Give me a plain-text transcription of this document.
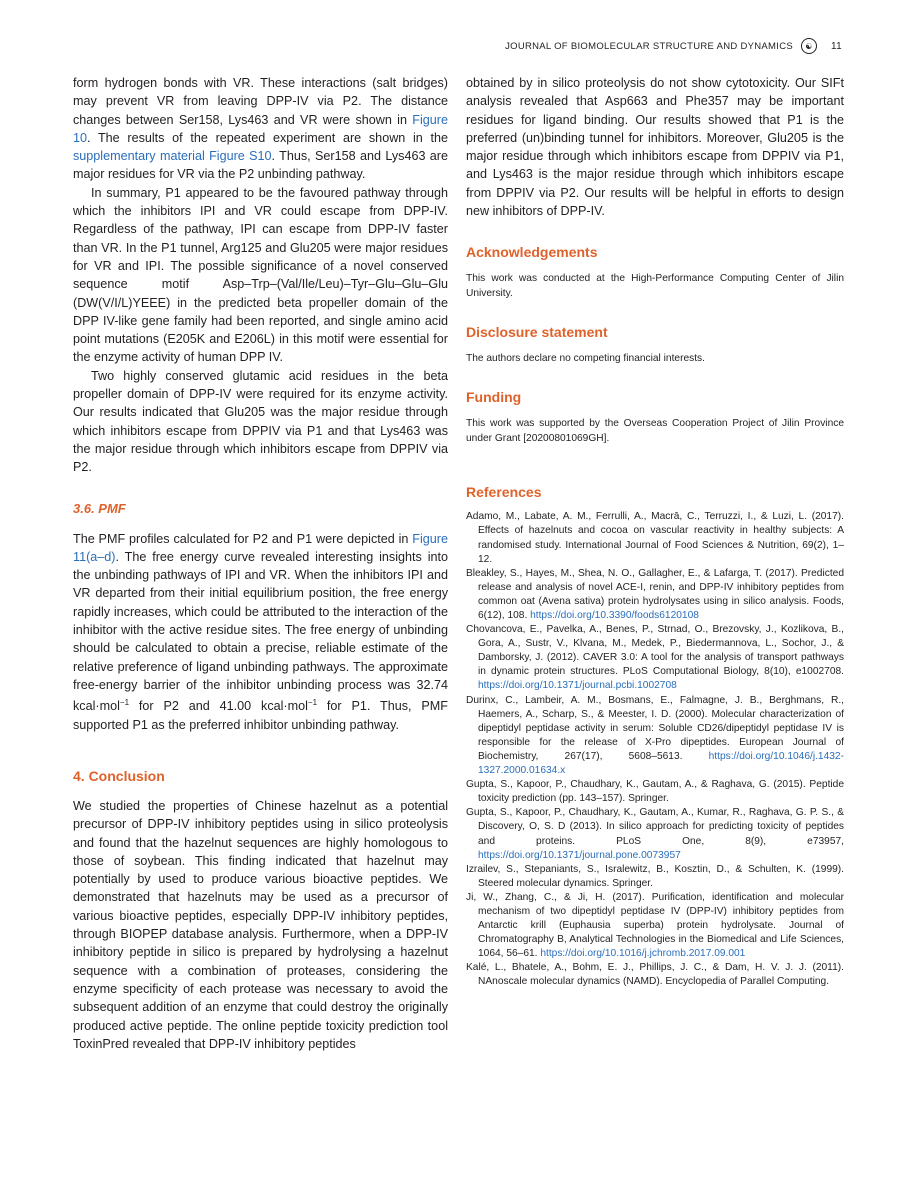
JOURNAL OF BIOMOLECULAR STRUCTURE AND DYNAMICS	☯	11

form hydrogen bonds with VR. These interactions (salt bridges) may prevent VR from leaving DPP-IV via P2. The distance changes between Ser158, Lys463 and VR were shown in Figure 10. The results of the repeated experiment are shown in the supplementary material Figure S10. Thus, Ser158 and Lys463 are major residues for VR via the P2 unbinding pathway.

In summary, P1 appeared to be the favoured pathway through which the inhibitors IPI and VR could escape from DPP-IV. Regardless of the pathway, IPI can escape from DPP-IV faster than VR. In the P1 tunnel, Arg125 and Glu205 were major residues for VR and IPI. The possible significance of a novel conserved sequence motif Asp–Trp–(Val/Ile/Leu)–Tyr–Glu–Glu–Glu (DW(V/I/L)YEEE) in the predicted beta propeller domain of the DPP IV-like gene family had been reported, and single amino acid point mutations (E205K and E206L) in this motif were essential for the enzyme activity of human DPP IV.

Two highly conserved glutamic acid residues in the beta propeller domain of DPP-IV were required for its enzyme activity. Our results indicated that Glu205 was the major residue through which inhibitors escape from DPPIV via P1 and that Lys463 was the major residue through which inhibitors escape from DPPIV via P2.

3.6. PMF

The PMF profiles calculated for P2 and P1 were depicted in Figure 11(a–d). The free energy curve revealed interesting insights into the unbinding pathways of IPI and VR. When the inhibitors IPI and VR departed from their initial equilibrium position, the free energy rapidly increases, which could be attributed to the interaction of the inhibitor with the active residue sites. The free energy of unbinding should be calculated to obtain a precise, reliable estimate of the relative preference of ligand unbinding pathways. The approximate free-energy barrier of the inhibitor unbinding process was 32.74 kcal·mol$^{-1}$ for P2 and 41.00 kcal·mol$^{-1}$ for P1. Thus, PMF supported P1 as the preferred inhibitor unbinding pathway.

4. Conclusion

We studied the properties of Chinese hazelnut as a potential precursor of DPP-IV inhibitory peptides using in silico proteolysis and found that the hazelnut sequences are highly homologous to those of soybean. This finding indicated that hazelnut may potentially by used to produce various bioactive peptides. We demonstrated that hazelnuts may be used as a precursor of various bioactive peptides, especially DPP-IV inhibitory peptides, through BIOPEP database analysis. Furthermore, when a DPP-IV inhibitory peptide in silico is prepared by hydrolysing a hazelnut sequence with a combination of proteases, considering the enzyme specificity of each protease was necessary to avoid the subsequent addition of an enzyme that could destroy the originally produced active peptide. The online peptide toxicity prediction tool ToxinPred revealed that DPP-IV inhibitory peptides

obtained by in silico proteolysis do not show cytotoxicity. Our SIFt analysis revealed that Asp663 and Phe357 may be important residues for ligand binding. Our results showed that P1 is the preferred (un)binding tunnel for inhibitors. Moreover, Glu205 is the major residue through which inhibitors escape from DPPIV via P1, and Lys463 is the major residue through which inhibitors escape from DPPIV via P2. Our results will be helpful in efforts to design new inhibitors of DPP-IV.

Acknowledgements

This work was conducted at the High-Performance Computing Center of Jilin University.

Disclosure statement

The authors declare no competing financial interests.

Funding

This work was supported by the Overseas Cooperation Project of Jilin Province under Grant [20200801069GH].

References

Adamo, M., Labate, A. M., Ferrulli, A., Macrā, C., Terruzzi, I., & Luzi, L. (2017). Effects of hazelnuts and cocoa on vascular reactivity in healthy subjects: A randomised study. International Journal of Food Sciences & Nutrition, 69(2), 1–12.

Bleakley, S., Hayes, M., Shea, N. O., Gallagher, E., & Lafarga, T. (2017). Predicted release and analysis of novel ACE-I, renin, and DPP-IV inhibitory peptides from common oat (Avena sativa) protein hydrolysates using in silico analysis. Foods, 6(12), 108. https://doi.org/10.3390/foods6120108

Chovancova, E., Pavelka, A., Benes, P., Strnad, O., Brezovsky, J., Kozlikova, B., Gora, A., Sustr, V., Klvana, M., Medek, P., Biedermannova, L., Sochor, J., & Damborsky, J. (2012). CAVER 3.0: A tool for the analysis of transport pathways in dynamic protein structures. PLoS Computational Biology, 8(10), e1002708. https://doi.org/10.1371/journal.pcbi.1002708

Durinx, C., Lambeir, A. M., Bosmans, E., Falmagne, J. B., Berghmans, R., Haemers, A., Scharp, S., & Meester, I. D. (2000). Molecular characterization of dipeptidyl peptidase activity in serum: Soluble CD26/dipeptidyl peptidase IV is responsible for the release of X-Pro dipeptides. European Journal of Biochemistry, 267(17), 5608–5613. https://doi.org/10.1046/j.1432-1327.2000.01634.x

Gupta, S., Kapoor, P., Chaudhary, K., Gautam, A., & Raghava, G. (2015). Peptide toxicity prediction (pp. 143–157). Springer.

Gupta, S., Kapoor, P., Chaudhary, K., Gautam, A., Kumar, R., Raghava, G. P. S., & Discovery, O, S. D (2013). In silico approach for predicting toxicity of peptides and proteins. PLoS One, 8(9), e73957, https://doi.org/10.1371/journal.pone.0073957

Izrailev, S., Stepaniants, S., Isralewitz, B., Kosztin, D., & Schulten, K. (1999). Steered molecular dynamics. Springer.

Ji, W., Zhang, C., & Ji, H. (2017). Purification, identification and molecular mechanism of two dipeptidyl peptidase IV (DPP-IV) inhibitory peptides from Antarctic krill (Euphausia superba) protein hydrolysate. Journal of Chromatography B, Analytical Technologies in the Biomedical and Life Sciences, 1064, 56–61. https://doi.org/10.1016/j.jchromb.2017.09.001

Kalé, L., Bhatele, A., Bohm, E. J., Phillips, J. C., & Dam, H. V. J. J. (2011). NAnoscale molecular dynamics (NAMD). Encyclopedia of Parallel Computing.
